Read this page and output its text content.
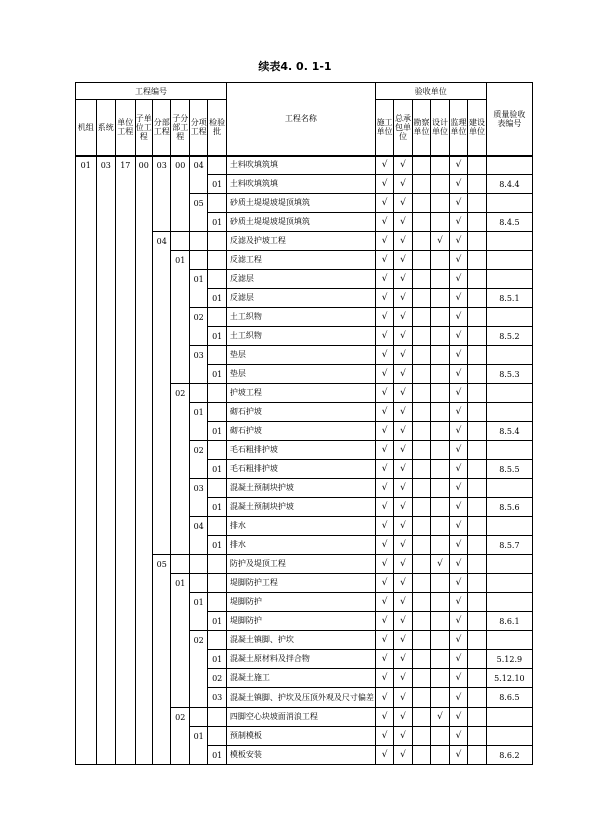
续表4. 0. 1-1
工程编号								工程名称	验收单位						质量验收表编号
机组	系统	单位工程	子单位工程	分部工程	子分部工程	分项工程	检验批		施工单位	总承包单位	勘察单位	设计单位	监理单位	建设单位	
01	03	17	00	03	00	04		土料吹填筑填	√	√			√		
							01	土料吹填筑填	√	√			√		8.4.4
						05		砂质土堤堤坡堤顶填筑	√	√			√		
							01	砂质土堤堤坡堤顶填筑	√	√			√		8.4.5
				04				反滤及护坡工程	√	√		√	√		
					01			反滤工程	√	√			√		
						01		反滤层	√	√			√		
							01	反滤层	√	√			√		8.5.1
						02		土工织物	√	√			√		
							01	土工织物	√	√			√		8.5.2
						03		垫层	√	√			√		
							01	垫层	√	√			√		8.5.3
					02			护坡工程	√	√			√		
						01		砌石护坡	√	√			√		
							01	砌石护坡	√	√			√		8.5.4
						02		毛石粗排护坡	√	√			√		
							01	毛石粗排护坡	√	√			√		8.5.5
						03		混凝土预制块护坡	√	√			√		
							01	混凝土预制块护坡	√	√			√		8.5.6
						04		排水	√	√			√		
							01	排水	√	√			√		8.5.7
				05				防护及堤顶工程	√	√		√	√		
					01			堤脚防护工程	√	√			√		
						01		堤脚防护	√	√			√		
							01	堤脚防护	√	√			√		8.6.1
						02		混凝土镇脚、护坎	√	√			√		
							01	混凝土原材料及拌合物	√	√			√		5.12.9
							02	混凝土施工	√	√			√		5.12.10
							03	混凝土镇脚、护坎及压顶外观及尺寸偏差	√	√			√		8.6.5
					02			四脚空心块坡面消浪工程	√	√		√	√		
						01		预制模板	√	√			√		
							01	模板安装	√	√			√		8.6.2
